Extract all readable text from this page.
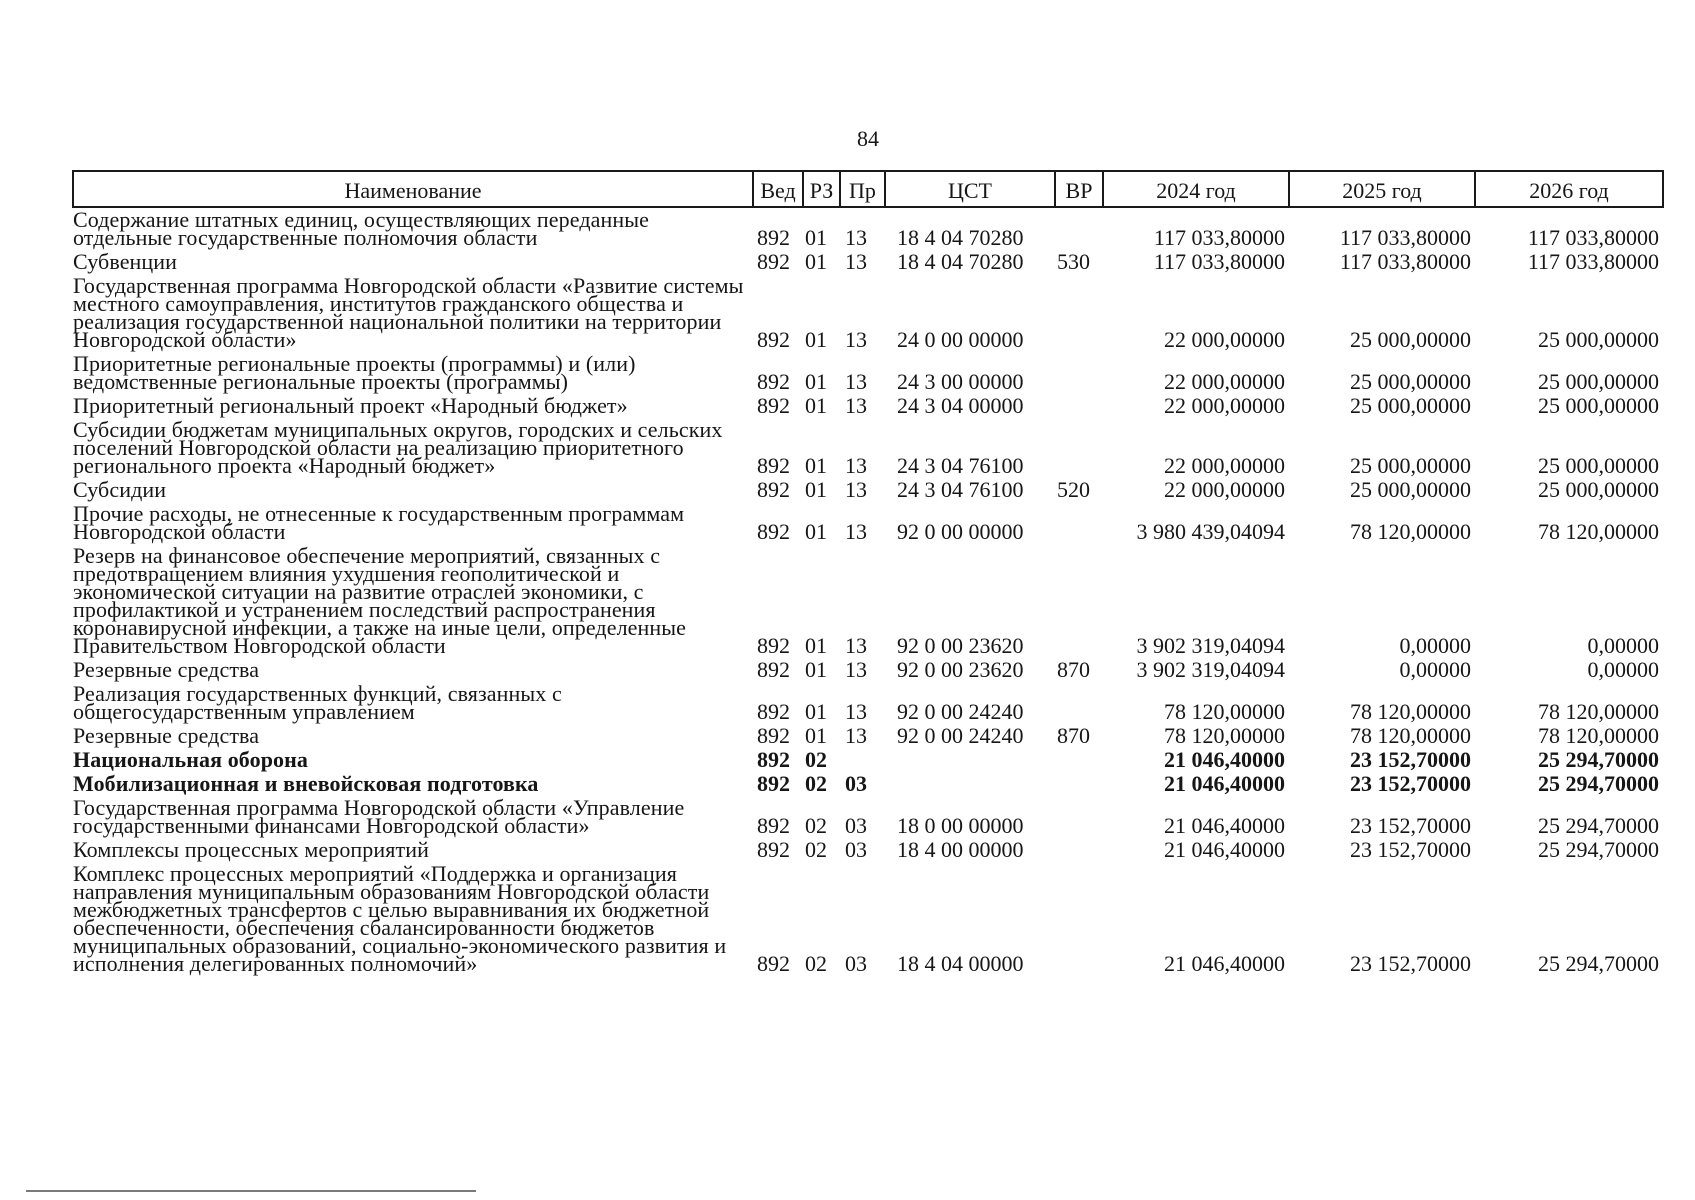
84
Наименование	Вед	РЗ	Пр	ЦСТ	ВР	2024 год	2025 год	2026 год
Содержание штатных единиц, осуществляющих переданные отдельные государственные полномочия области	892	01	13	18 4 04 70280		117 033,80000	117 033,80000	117 033,80000
Субвенции	892	01	13	18 4 04 70280	530	117 033,80000	117 033,80000	117 033,80000
Государственная программа Новгородской области «Развитие системы местного самоуправления, институтов гражданского общества и реализация государственной национальной политики на территории Новгородской области»	892	01	13	24 0 00 00000		22 000,00000	25 000,00000	25 000,00000
Приоритетные региональные проекты (программы) и (или) ведомственные региональные проекты (программы)	892	01	13	24 3 00 00000		22 000,00000	25 000,00000	25 000,00000
Приоритетный региональный проект «Народный бюджет»	892	01	13	24 3 04 00000		22 000,00000	25 000,00000	25 000,00000
Субсидии бюджетам муниципальных округов, городских и сельских поселений Новгородской области на реализацию приоритетного регионального проекта «Народный бюджет»	892	01	13	24 3 04 76100		22 000,00000	25 000,00000	25 000,00000
Субсидии	892	01	13	24 3 04 76100	520	22 000,00000	25 000,00000	25 000,00000
Прочие расходы, не отнесенные к государственным программам Новгородской области	892	01	13	92 0 00 00000		3 980 439,04094	78 120,00000	78 120,00000
Резерв на финансовое обеспечение мероприятий, связанных с предотвращением влияния ухудшения геополитической и экономической ситуации на развитие отраслей экономики, с профилактикой и устранением последствий распространения коронавирусной инфекции, а также на иные цели, определенные Правительством Новгородской области	892	01	13	92 0 00 23620		3 902 319,04094	0,00000	0,00000
Резервные средства	892	01	13	92 0 00 23620	870	3 902 319,04094	0,00000	0,00000
Реализация государственных функций, связанных с общегосударственным управлением	892	01	13	92 0 00 24240		78 120,00000	78 120,00000	78 120,00000
Резервные средства	892	01	13	92 0 00 24240	870	78 120,00000	78 120,00000	78 120,00000
Национальная оборона	892	02				21 046,40000	23 152,70000	25 294,70000
Мобилизационная и вневойсковая подготовка	892	02	03			21 046,40000	23 152,70000	25 294,70000
Государственная программа Новгородской области «Управление государственными финансами Новгородской области»	892	02	03	18 0 00 00000		21 046,40000	23 152,70000	25 294,70000
Комплексы процессных мероприятий	892	02	03	18 4 00 00000		21 046,40000	23 152,70000	25 294,70000
Комплекс процессных мероприятий «Поддержка и организация направления муниципальным образованиям Новгородской области межбюджетных трансфертов с целью выравнивания их бюджетной обеспеченности, обеспечения сбалансированности бюджетов муниципальных образований, социально-экономического развития и исполнения делегированных полномочий»	892	02	03	18 4 04 00000		21 046,40000	23 152,70000	25 294,70000
